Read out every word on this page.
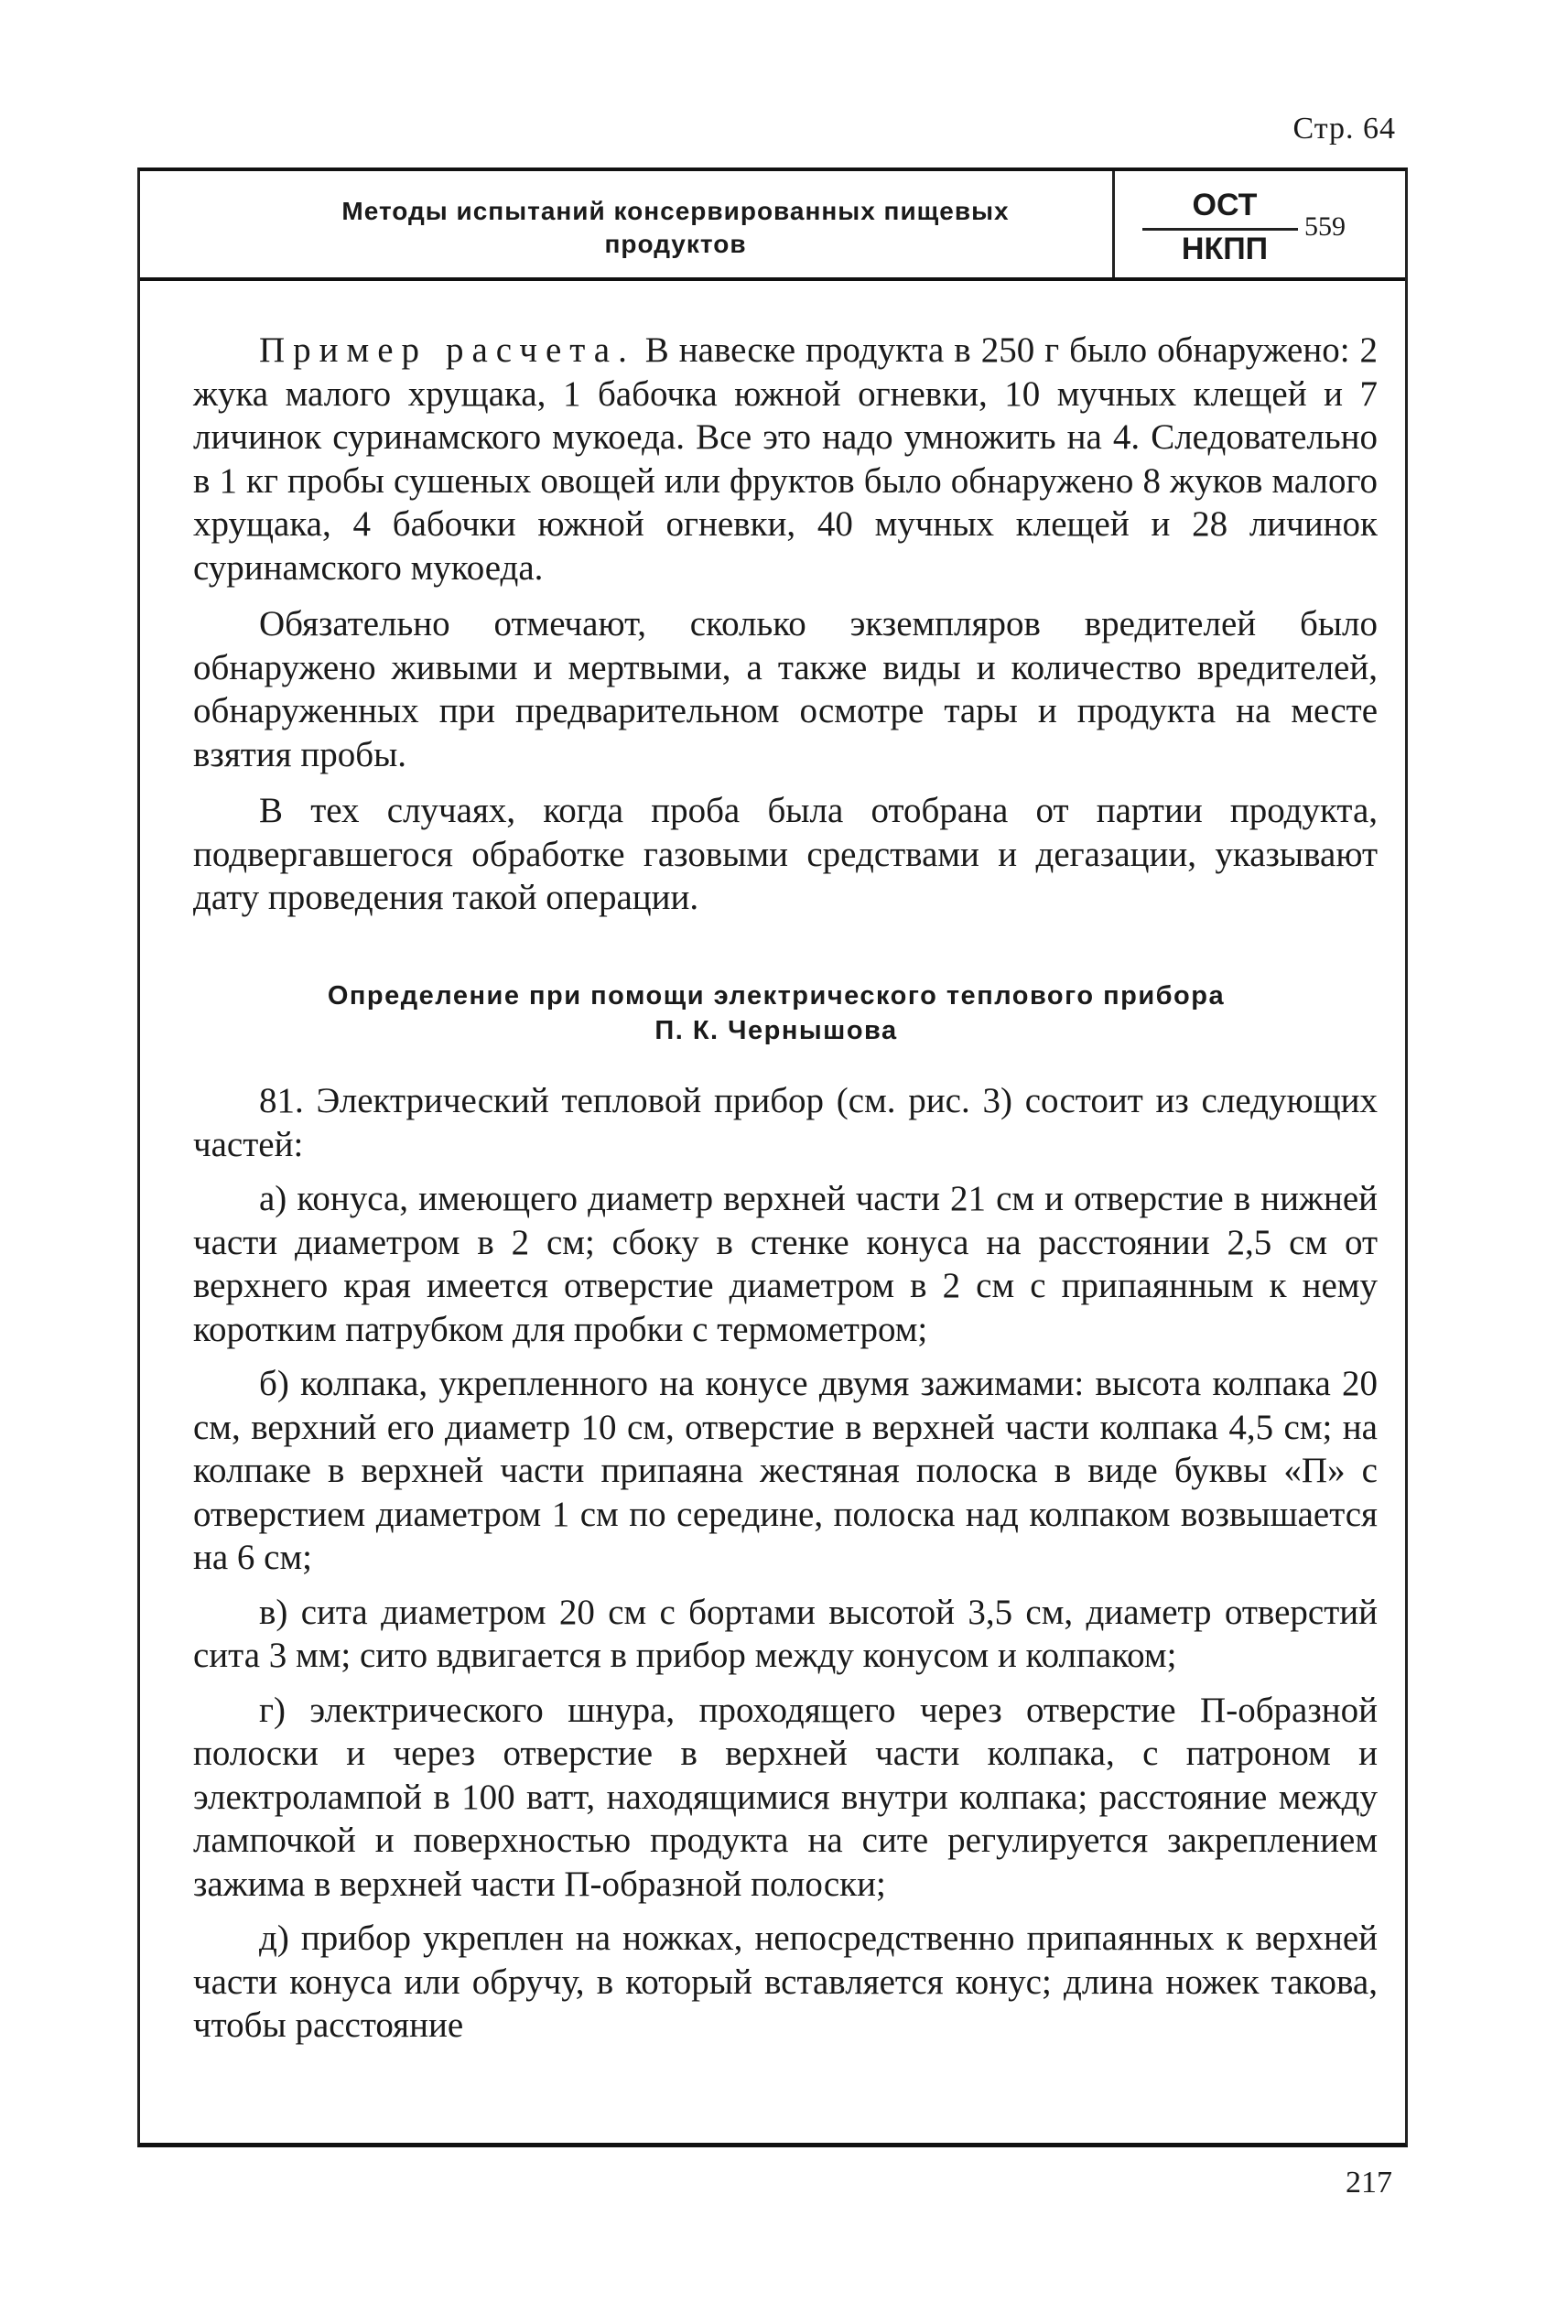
Стр. 64
Методы испытаний консервированных пищевых
продуктов
ОСТ
НКПП
559

Пример расчета. В навеске продукта в 250 г было обнаружено: 2 жука малого хрущака, 1 бабочка южной огневки, 10 мучных клещей и 7 личинок суринамского мукоеда. Все это надо умножить на 4. Следовательно в 1 кг пробы сушеных овощей или фруктов было обнаружено 8 жуков малого хрущака, 4 бабочки южной огневки, 40 мучных клещей и 28 личинок суринамского мукоеда.

Обязательно отмечают, сколько экземпляров вредителей было обнаружено живыми и мертвыми, а также виды и количество вредителей, обнаруженных при предварительном осмотре тары и продукта на месте взятия пробы.

В тех случаях, когда проба была отобрана от партии продукта, подвергавшегося обработке газовыми средствами и дегазации, указывают дату проведения такой операции.

Определение при помощи электрического теплового прибора
П. К. Чернышова

81. Электрический тепловой прибор (см. рис. 3) состоит из следующих частей:

а) конуса, имеющего диаметр верхней части 21 см и отверстие в нижней части диаметром в 2 см; сбоку в стенке конуса на расстоянии 2,5 см от верхнего края имеется отверстие диаметром в 2 см с припаянным к нему коротким патрубком для пробки с термометром;

б) колпака, укрепленного на конусе двумя зажимами: высота колпака 20 см, верхний его диаметр 10 см, отверстие в верхней части колпака 4,5 см; на колпаке в верхней части припаяна жестяная полоска в виде буквы «П» с отверстием диаметром 1 см по середине, полоска над колпаком возвышается на 6 см;

в) сита диаметром 20 см с бортами высотой 3,5 см, диаметр отверстий сита 3 мм; сито вдвигается в прибор между конусом и колпаком;

г) электрического шнура, проходящего через отверстие П-образной полоски и через отверстие в верхней части колпака, с патроном и электролампой в 100 ватт, находящимися внутри колпака; расстояние между лампочкой и поверхностью продукта на сите регулируется закреплением зажима в верхней части П-образной полоски;

д) прибор укреплен на ножках, непосредственно припаянных к верхней части конуса или обручу, в который вставляется конус; длина ножек такова, чтобы расстояние

217
